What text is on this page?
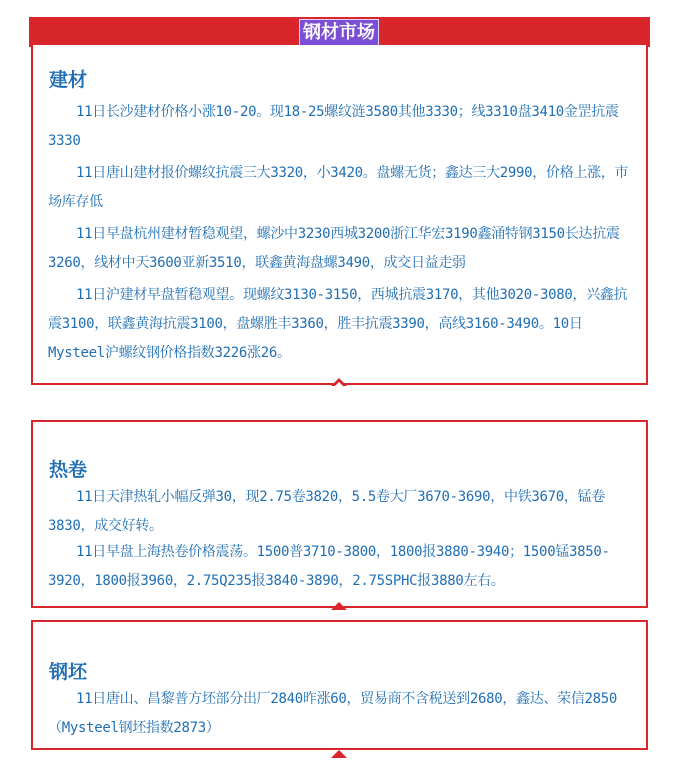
钢材市场
建材
11日长沙建材价格小涨10-20。现18-25螺纹涟3580其他3330；线3310盘3410金罡抗震3330
11日唐山建材报价螺纹抗震三大3320，小3420。盘螺无货；鑫达三大2990，价格上涨，市场库存低
11日早盘杭州建材暂稳观望，螺沙中3230西城3200浙江华宏3190鑫涌特钢3150长达抗震3260，线材中天3600亚新3510，联鑫黄海盘螺3490，成交日益走弱
11日沪建材早盘暂稳观望。现螺纹3130-3150，西城抗震3170，其他3020-3080，兴鑫抗震3100，联鑫黄海抗震3100，盘螺胜丰3360，胜丰抗震3390，高线3160-3490。10日Mysteel沪螺纹钢价格指数3226涨26。
热卷
11日天津热轧小幅反弹30，现2.75卷3820，5.5卷大厂3670-3690，中铁3670，锰卷3830，成交好转。
11日早盘上海热卷价格震荡。1500普3710-3800，1800报3880-3940；1500锰3850-3920，1800报3960，2.75Q235报3840-3890，2.75SPHC报3880左右。
钢坯
11日唐山、昌黎普方坯部分出厂2840昨涨60，贸易商不含税送到2680，鑫达、荣信2850（Mysteel钢坯指数2873）
